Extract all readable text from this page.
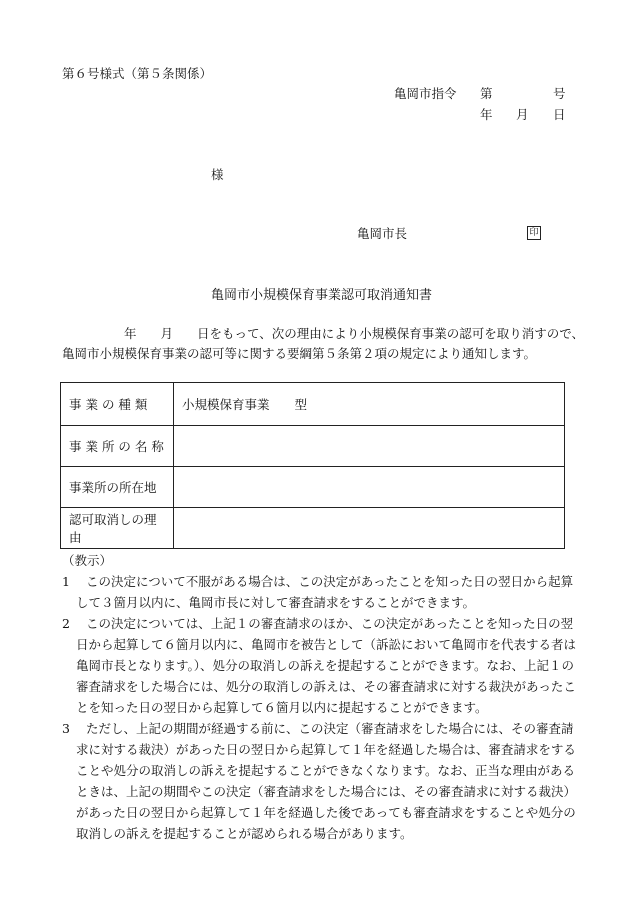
第６号様式（第５条関係）
亀岡市指令 第	号
年 月 日
様
亀岡市長	印
亀岡市小規模保育事業認可取消通知書
年 月 日をもって、次の理由により小規模保育事業の認可を取り消すので、
亀岡市小規模保育事業の認可等に関する要綱第５条第２項の規定により通知します。
事 業 の 種 類	小規模保育事業　　型
事 業 所 の 名 称	
事業所の所在地	
認可取消しの理由	
（教示）
1	この決定について不服がある場合は、この決定があったことを知った日の翌日から起算して３箇月以内に、亀岡市長に対して審査請求をすることができます。
2	この決定については、上記１の審査請求のほか、この決定があったことを知った日の翌日から起算して６箇月以内に、亀岡市を被告として（訴訟において亀岡市を代表する者は亀岡市長となります。）、処分の取消しの訴えを提起することができます。なお、上記１の審査請求をした場合には、処分の取消しの訴えは、その審査請求に対する裁決があったことを知った日の翌日から起算して６箇月以内に提起することができます。
3	ただし、上記の期間が経過する前に、この決定（審査請求をした場合には、その審査請求に対する裁決）があった日の翌日から起算して１年を経過した場合は、審査請求をすることや処分の取消しの訴えを提起することができなくなります。なお、正当な理由があるときは、上記の期間やこの決定（審査請求をした場合には、その審査請求に対する裁決）があった日の翌日から起算して１年を経過した後であっても審査請求をすることや処分の取消しの訴えを提起することが認められる場合があります。
